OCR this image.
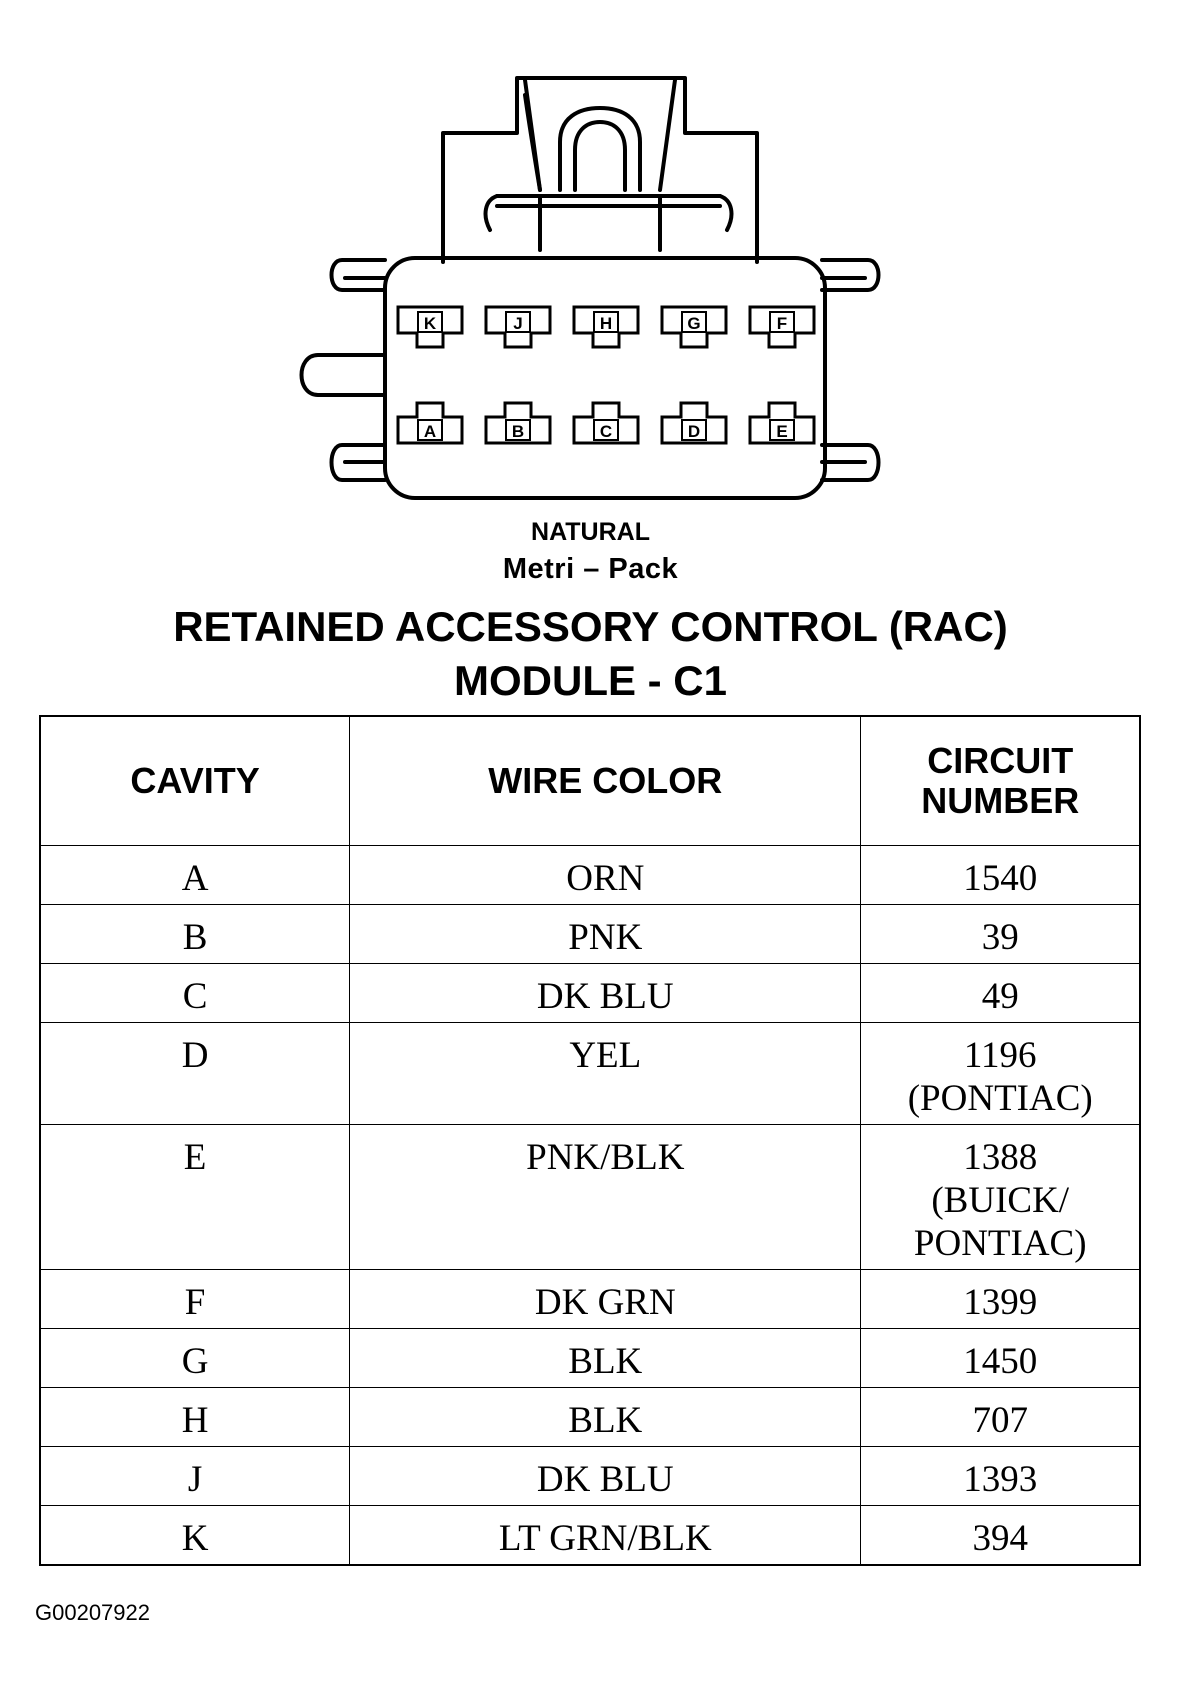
K	J	H	G	F
A	B	C	D	E
NATURAL
Metri – Pack
RETAINED ACCESSORY CONTROL (RAC)
MODULE - C1
CAVITY	WIRE COLOR	CIRCUIT
NUMBER

A	ORN	1540

B	PNK	39

C	DK BLU	49

D	YEL	1196
(PONTIAC)

E	PNK/BLK	1388
(BUICK/
PONTIAC)

F	DK GRN	1399

G	BLK	1450

H	BLK	707

J	DK BLU	1393

K	LT GRN/BLK	394
G00207922
